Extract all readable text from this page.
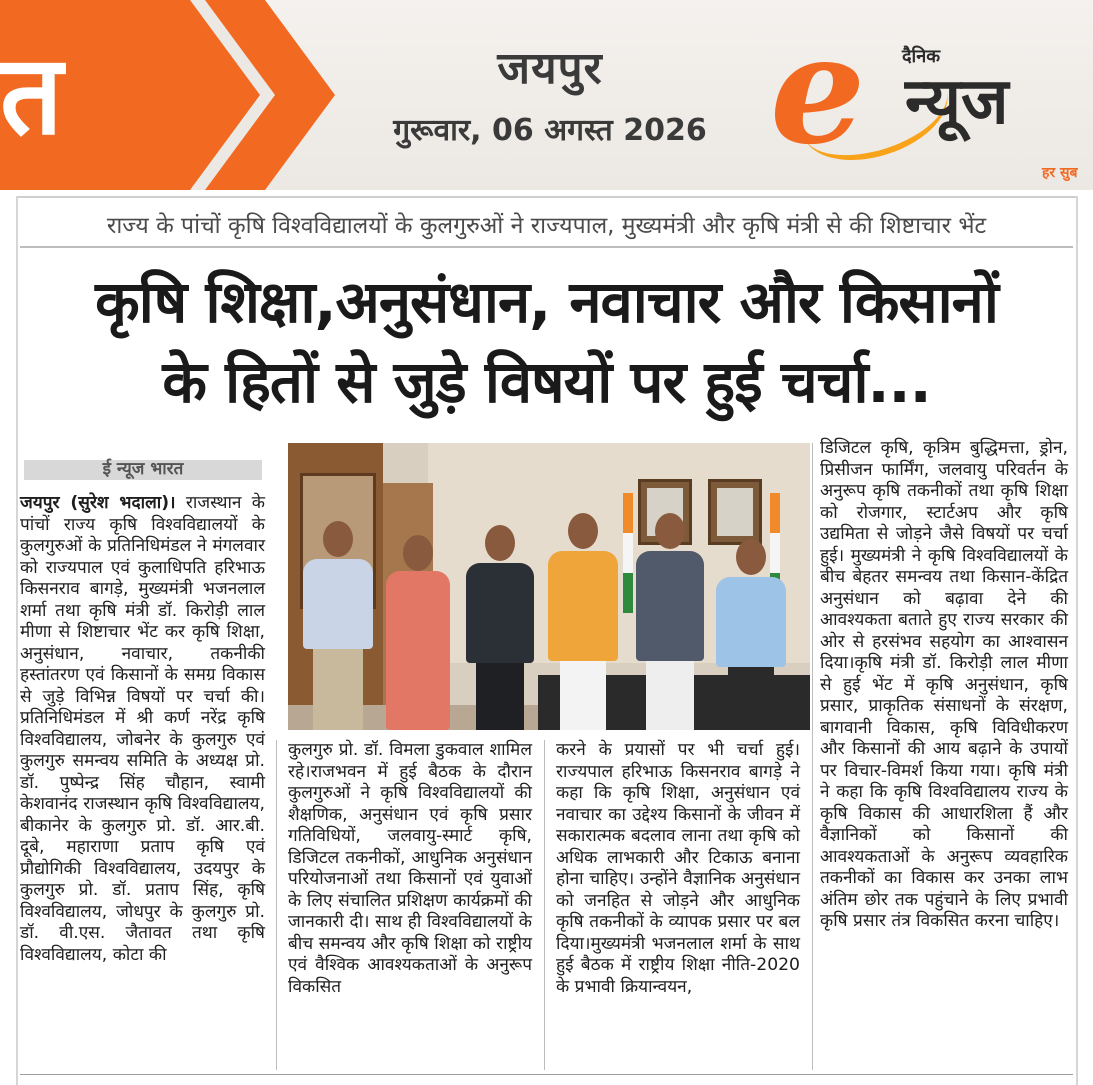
त	जयपुर
गुरूवार, 06 अगस्त 2026 e	दैनिक
न्यूज
हर सुब
राज्य के पांचों कृषि विश्वविद्यालयों के कुलगुरुओं ने राज्यपाल, मुख्यमंत्री और कृषि मंत्री से की शिष्टाचार भेंट
कृषि शिक्षा,अनुसंधान, नवाचार और किसानों
के हितों से जुड़े विषयों पर हुई चर्चा...
ई न्यूज भारत

जयपुर (सुरेश भदाला)। राजस्थान के पांचों राज्य कृषि विश्वविद्यालयों के कुलगुरुओं के प्रतिनिधिमंडल ने मंगलवार को राज्यपाल एवं कुलाधिपति हरिभाऊ किसनराव बागड़े, मुख्यमंत्री भजनलाल शर्मा तथा कृषि मंत्री डॉ. किरोड़ी लाल मीणा से शिष्टाचार भेंट कर कृषि शिक्षा, अनुसंधान, नवाचार, तकनीकी हस्तांतरण एवं किसानों के समग्र विकास से जुड़े विभिन्न विषयों पर चर्चा की।प्रतिनिधिमंडल में श्री कर्ण नरेंद्र कृषि विश्वविद्यालय, जोबनेर के कुलगुरु एवं कुलगुरु समन्वय समिति के अध्यक्ष प्रो. डॉ. पुष्पेन्द्र सिंह चौहान, स्वामी केशवानंद राजस्थान कृषि विश्वविद्यालय, बीकानेर के कुलगुरु प्रो. डॉ. आर.बी. दूबे, महाराणा प्रताप कृषि एवं प्रौद्योगिकी विश्वविद्यालय, उदयपुर के कुलगुरु प्रो. डॉ. प्रताप सिंह, कृषि विश्वविद्यालय, जोधपुर के कुलगुरु प्रो. डॉ. वी.एस. जैतावत तथा कृषि विश्वविद्यालय, कोटा की

कुलगुरु प्रो. डॉ. विमला डुकवाल शामिल रहे।राजभवन में हुई बैठक के दौरान कुलगुरुओं ने कृषि विश्वविद्यालयों की शैक्षणिक, अनुसंधान एवं कृषि प्रसार गतिविधियों, जलवायु-स्मार्ट कृषि, डिजिटल तकनीकों, आधुनिक अनुसंधान परियोजनाओं तथा किसानों एवं युवाओं के लिए संचालित प्रशिक्षण कार्यक्रमों की जानकारी दी। साथ ही विश्वविद्यालयों के बीच समन्वय और कृषि शिक्षा को राष्ट्रीय एवं वैश्विक आवश्यकताओं के अनुरूप विकसित

करने के प्रयासों पर भी चर्चा हुई।राज्यपाल हरिभाऊ किसनराव बागड़े ने कहा कि कृषि शिक्षा, अनुसंधान एवं नवाचार का उद्देश्य किसानों के जीवन में सकारात्मक बदलाव लाना तथा कृषि को अधिक लाभकारी और टिकाऊ बनाना होना चाहिए। उन्होंने वैज्ञानिक अनुसंधान को जनहित से जोड़ने और आधुनिक कृषि तकनीकों के व्यापक प्रसार पर बल दिया।मुख्यमंत्री भजनलाल शर्मा के साथ हुई बैठक में राष्ट्रीय शिक्षा नीति-2020 के प्रभावी क्रियान्वयन,

डिजिटल कृषि, कृत्रिम बुद्धिमत्ता, ड्रोन, प्रिसीजन फार्मिंग, जलवायु परिवर्तन के अनुरूप कृषि तकनीकों तथा कृषि शिक्षा को रोजगार, स्टार्टअप और कृषि उद्यमिता से जोड़ने जैसे विषयों पर चर्चा हुई। मुख्यमंत्री ने कृषि विश्वविद्यालयों के बीच बेहतर समन्वय तथा किसान-केंद्रित अनुसंधान को बढ़ावा देने की आवश्यकता बताते हुए राज्य सरकार की ओर से हरसंभव सहयोग का आश्वासन दिया।कृषि मंत्री डॉ. किरोड़ी लाल मीणा से हुई भेंट में कृषि अनुसंधान, कृषि प्रसार, प्राकृतिक संसाधनों के संरक्षण, बागवानी विकास, कृषि विविधीकरण और किसानों की आय बढ़ाने के उपायों पर विचार-विमर्श किया गया। कृषि मंत्री ने कहा कि कृषि विश्वविद्यालय राज्य के कृषि विकास की आधारशिला हैं और वैज्ञानिकों को किसानों की आवश्यकताओं के अनुरूप व्यवहारिक तकनीकों का विकास कर उनका लाभ अंतिम छोर तक पहुंचाने के लिए प्रभावी कृषि प्रसार तंत्र विकसित करना चाहिए।
